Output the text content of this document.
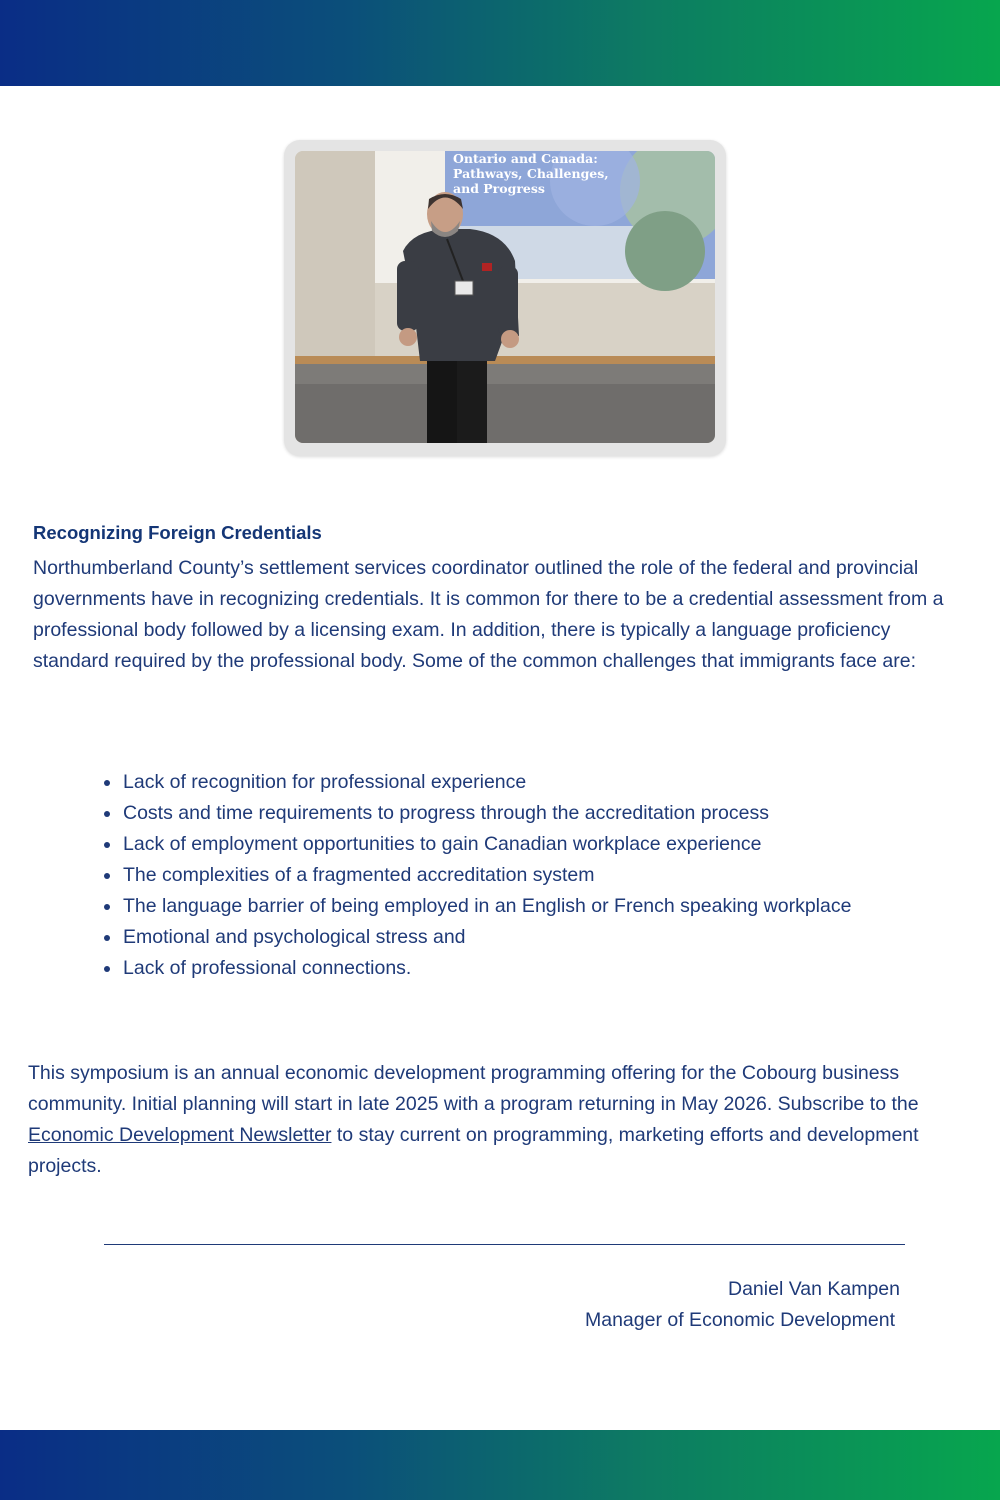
Ontario and Canada:
Pathways, Challenges,
and Progress
Recognizing Foreign Credentials

Northumberland County’s settlement services coordinator outlined the role of the federal and provincial governments have in recognizing credentials. It is common for there to be a credential assessment from a professional body followed by a licensing exam. In addition, there is typically a language proficiency standard required by the professional body. Some of the common challenges that immigrants face are:

Lack of recognition for professional experience
Costs and time requirements to progress through the accreditation process
Lack of employment opportunities to gain Canadian workplace experience
The complexities of a fragmented accreditation system
The language barrier of being employed in an English or French speaking workplace
Emotional and psychological stress and
Lack of professional connections.

This symposium is an annual economic development programming offering for the Cobourg business community. Initial planning will start in late 2025 with a program returning in May 2026. Subscribe to the Economic Development Newsletter to stay current on programming, marketing efforts and development projects.

Daniel Van Kampen
Manager of Economic Development
